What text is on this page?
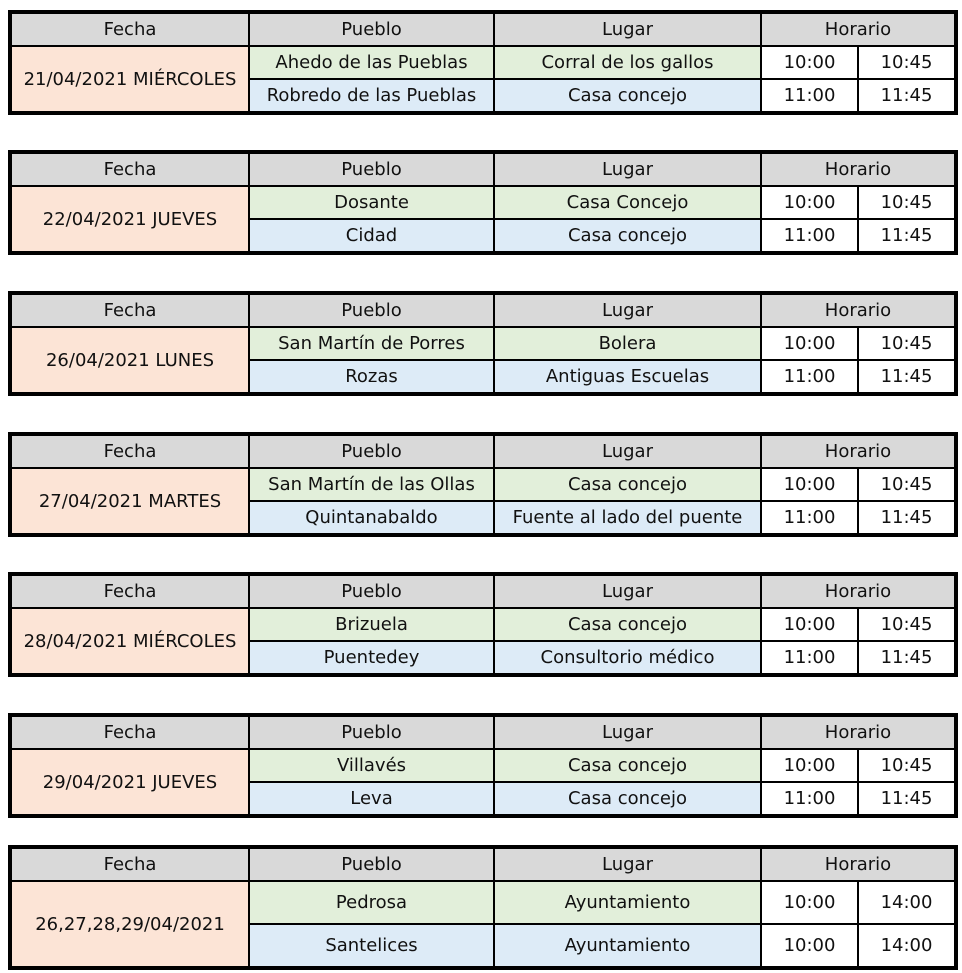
Fecha	Pueblo	Lugar	Horario	
21/04/2021 MIÉRCOLES	Ahedo de las Pueblas	Corral de los gallos	10:00	10:45
	Robredo de las Pueblas	Casa concejo	11:00	11:45
Fecha	Pueblo	Lugar	Horario	
22/04/2021 JUEVES	Dosante	Casa Concejo	10:00	10:45
	Cidad	Casa concejo	11:00	11:45
Fecha	Pueblo	Lugar	Horario	
26/04/2021 LUNES	San Martín de Porres	Bolera	10:00	10:45
	Rozas	Antiguas Escuelas	11:00	11:45
Fecha	Pueblo	Lugar	Horario	
27/04/2021 MARTES	San Martín de las Ollas	Casa concejo	10:00	10:45
	Quintanabaldo	Fuente al lado del puente	11:00	11:45
Fecha	Pueblo	Lugar	Horario	
28/04/2021 MIÉRCOLES	Brizuela	Casa concejo	10:00	10:45
	Puentedey	Consultorio médico	11:00	11:45
Fecha	Pueblo	Lugar	Horario	
29/04/2021 JUEVES	Villavés	Casa concejo	10:00	10:45
	Leva	Casa concejo	11:00	11:45
Fecha	Pueblo	Lugar	Horario	
26,27,28,29/04/2021	Pedrosa	Ayuntamiento	10:00	14:00
	Santelices	Ayuntamiento	10:00	14:00
